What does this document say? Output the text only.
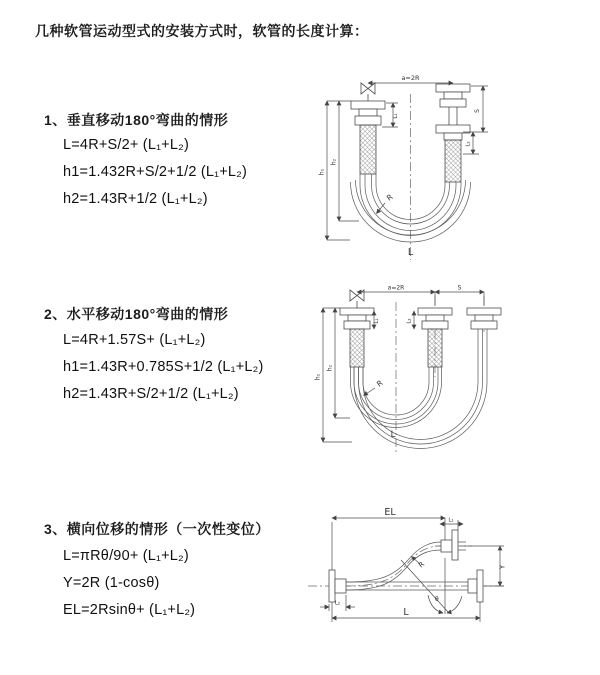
几种软管运动型式的安装方式时，软管的长度计算：
1、垂直移动180°弯曲的情形
L=4R+S/2+ (L₁+L₂)
h1=1.432R+S/2+1/2 (L₁+L₂)
h2=1.43R+1/2 (L₁+L₂)
a=2R
S
L₂
h₁
h₂
L₁
R
L
2、水平移动180°弯曲的情形
L=4R+1.57S+ (L₁+L₂)
h1=1.43R+0.785S+1/2 (L₁+L₂)
h2=1.43R+S/2+1/2 (L₁+L₂)
a=2R	S
h₁
h₂
L₁	L₂
R
L
3、横向位移的情形（一次性变位）
L=πRθ/90+ (L₁+L₂)
Y=2R (1-cosθ)
EL=2Rsinθ+ (L₁+L₂)
θ
R
EL
L₁
Y
L
L₂
